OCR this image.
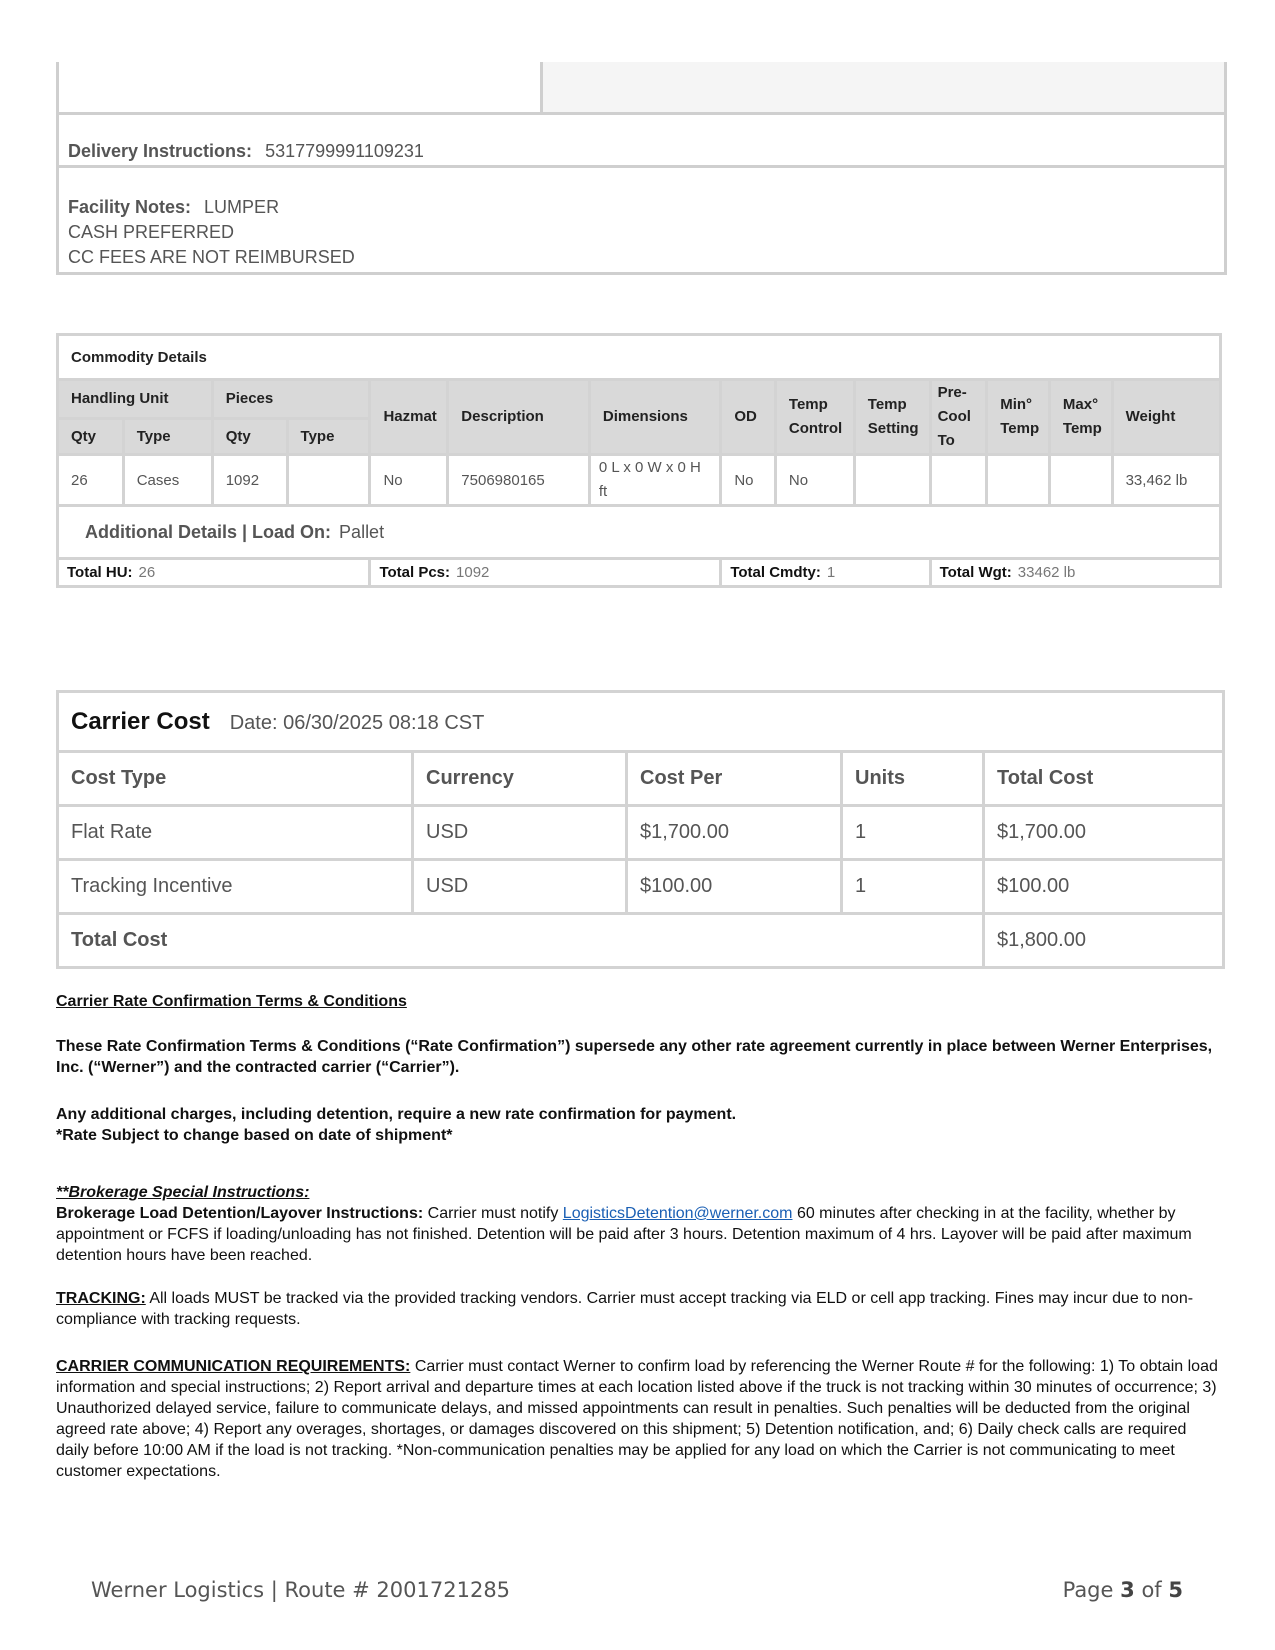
Delivery Instructions: 5317799991109231
Facility Notes: LUMPER
CASH PREFERRED
CC FEES ARE NOT REIMBURSED
Commodity Details													
Handling Unit		Pieces		Hazmat	Description	Dimensions	OD	Temp Control	Temp Setting	Pre-Cool To	Min° Temp	Max° Temp	Weight
Qty	Type	Qty	Type										
26	Cases	1092		No	7506980165	0 L x 0 W x 0 H ft	No	No					33,462 lb
Additional Details | Load On: Pallet													
Total HU: 26				Total Pcs: 1092			Total Cmdty: 1			Total Wgt: 33462 lb			
Carrier Cost Date: 06/30/2025 08:18 CST				
Cost Type	Currency	Cost Per	Units	Total Cost
Flat Rate	USD	$1,700.00	1	$1,700.00
Tracking Incentive	USD	$100.00	1	$100.00
Total Cost				$1,800.00
Carrier Rate Confirmation Terms & Conditions
These Rate Confirmation Terms & Conditions (“Rate Confirmation”) supersede any other rate agreement currently in place between Werner Enterprises, Inc. (“Werner”) and the contracted carrier (“Carrier”).
Any additional charges, including detention, require a new rate confirmation for payment.
*Rate Subject to change based on date of shipment*
**Brokerage Special Instructions:
Brokerage Load Detention/Layover Instructions: Carrier must notify LogisticsDetention@werner.com 60 minutes after checking in at the facility, whether by appointment or FCFS if loading/unloading has not finished. Detention will be paid after 3 hours. Detention maximum of 4 hrs. Layover will be paid after maximum detention hours have been reached.
TRACKING: All loads MUST be tracked via the provided tracking vendors. Carrier must accept tracking via ELD or cell app tracking. Fines may incur due to non-compliance with tracking requests.
CARRIER COMMUNICATION REQUIREMENTS: Carrier must contact Werner to confirm load by referencing the Werner Route # for the following: 1) To obtain load information and special instructions; 2) Report arrival and departure times at each location listed above if the truck is not tracking within 30 minutes of occurrence; 3) Unauthorized delayed service, failure to communicate delays, and missed appointments can result in penalties. Such penalties will be deducted from the original agreed rate above; 4) Report any overages, shortages, or damages discovered on this shipment; 5) Detention notification, and; 6) Daily check calls are required daily before 10:00 AM if the load is not tracking. *Non-communication penalties may be applied for any load on which the Carrier is not communicating to meet customer expectations.
Werner Logistics | Route # 2001721285	Page 3 of 5
